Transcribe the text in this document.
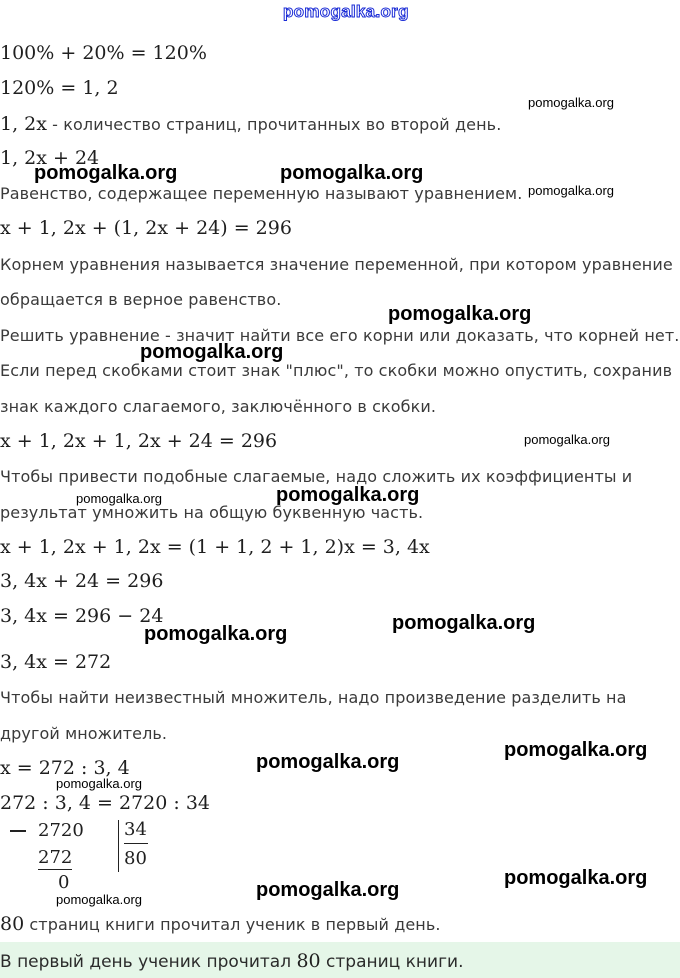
pomogalka.org
100% + 20% = 120%
120% = 1, 2
1, 2x - количество страниц, прочитанных во второй день.
1, 2x + 24
Равенство, содержащее переменную называют уравнением.
x + 1, 2x + (1, 2x + 24) = 296
Корнем уравнения называется значение переменной, при котором уравнение
обращается в верное равенство.
Решить уравнение - значит найти все его корни или доказать, что корней нет.
Если перед скобками стоит знак "плюс", то скобки можно опустить, сохранив
знак каждого слагаемого, заключённого в скобки.
x + 1, 2x + 1, 2x + 24 = 296
Чтобы привести подобные слагаемые, надо сложить их коэффициенты и
результат умножить на общую буквенную часть.
x + 1, 2x + 1, 2x = (1 + 1, 2 + 1, 2)x = 3, 4x
3, 4x + 24 = 296
3, 4x = 296 − 24
3, 4x = 272
Чтобы найти неизвестный множитель, надо произведение разделить на
другой множитель.
x = 272 : 3, 4
272 : 3, 4 = 2720 : 34
2720
272
0
34
80
80 страниц книги прочитал ученик в первый день.
В первый день ученик прочитал 80 страниц книги.
pomogalka.org
pomogalka.org	pomogalka.org
pomogalka.org
pomogalka.org
pomogalka.org
pomogalka.org
pomogalka.org
pomogalka.org
pomogalka.org
pomogalka.org
pomogalka.org
pomogalka.org
pomogalka.org
pomogalka.org
pomogalka.org
pomogalka.org
